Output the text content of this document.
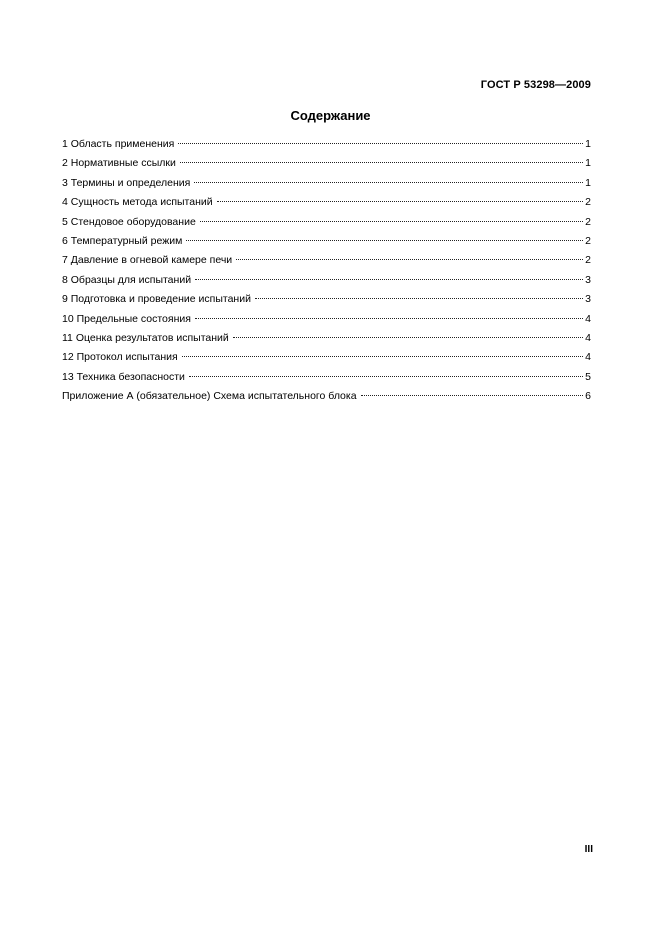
ГОСТ Р 53298—2009
Содержание
1 Область применения	1
2 Нормативные ссылки	1
3 Термины и определения	1
4 Сущность метода испытаний	2
5 Стендовое оборудование	2
6 Температурный режим	2
7 Давление в огневой камере печи	2
8 Образцы для испытаний	3
9 Подготовка и проведение испытаний	3
10 Предельные состояния	4
11 Оценка результатов испытаний	4
12 Протокол испытания	4
13 Техника безопасности	5
Приложение А (обязательное) Схема испытательного блока	6
III
